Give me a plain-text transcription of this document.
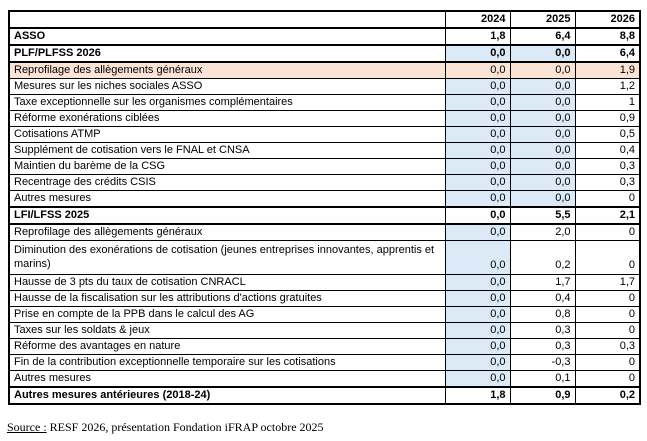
	2024	2025	2026
ASSO	1,8	6,4	8,8
PLF/PLFSS 2026	0,0	0,0	6,4
Reprofilage des allègements généraux	0,0	0,0	1,9
Mesures sur les niches sociales ASSO	0,0	0,0	1,2
Taxe exceptionnelle sur les organismes complémentaires	0,0	0,0	1
Réforme exonérations ciblées	0,0	0,0	0,9
Cotisations ATMP	0,0	0,0	0,5
Supplément de cotisation vers le FNAL et CNSA	0,0	0,0	0,4
Maintien du barème de la CSG	0,0	0,0	0,3
Recentrage des crédits CSIS	0,0	0,0	0,3
Autres mesures	0,0	0,0	0
LFI/LFSS 2025	0,0	5,5	2,1
Reprofilage des allègements généraux	0,0	2,0	0
Diminution des exonérations de cotisation (jeunes entreprises innovantes, apprentis et marins)	0,0	0,2	0
Hausse de 3 pts du taux de cotisation CNRACL	0,0	1,7	1,7
Hausse de la fiscalisation sur les attributions d'actions gratuites	0,0	0,4	0
Prise en compte de la PPB dans le calcul des AG	0,0	0,8	0
Taxes sur les soldats & jeux	0,0	0,3	0
Réforme des avantages en nature	0,0	0,3	0,3
Fin de la contribution exceptionnelle temporaire sur les cotisations	0,0	-0,3	0
Autres mesures	0,0	0,1	0
Autres mesures antérieures (2018-24)	1,8	0,9	0,2
Source : RESF 2026, présentation Fondation iFRAP octobre 2025
